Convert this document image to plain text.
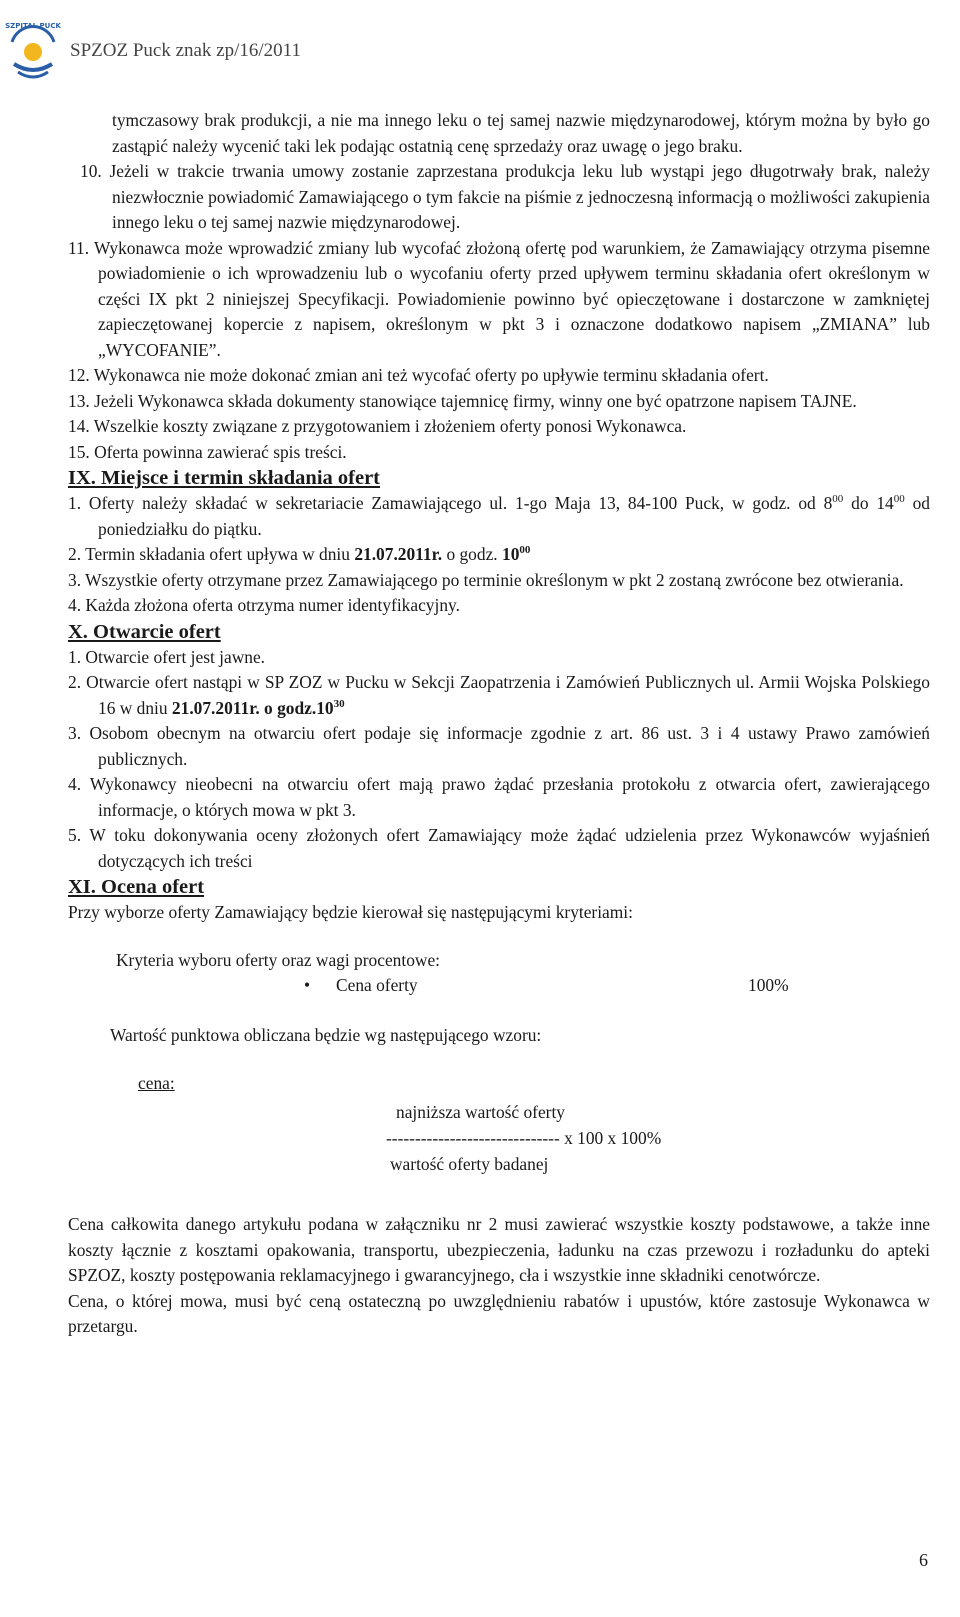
SZPITAL PUCK
SPZOZ Puck znak zp/16/2011

tymczasowy brak produkcji, a nie ma innego leku o tej samej nazwie międzynarodowej, którym można by było go zastąpić należy wycenić taki lek podając ostatnią cenę sprzedaży oraz uwagę o jego braku.

10. Jeżeli w trakcie trwania umowy zostanie zaprzestana produkcja leku lub wystąpi jego długotrwały brak, należy niezwłocznie powiadomić Zamawiającego o tym fakcie na piśmie z jednoczesną informacją o możliwości zakupienia innego leku o tej samej nazwie międzynarodowej.

11. Wykonawca może wprowadzić zmiany lub wycofać złożoną ofertę pod warunkiem, że Zamawiający otrzyma pisemne powiadomienie o ich wprowadzeniu lub o wycofaniu oferty przed upływem terminu składania ofert określonym w części IX pkt 2 niniejszej Specyfikacji. Powiadomienie powinno być opieczętowane i dostarczone w zamkniętej zapieczętowanej kopercie z napisem, określonym w pkt 3 i oznaczone dodatkowo napisem „ZMIANA” lub „WYCOFANIE”.

12. Wykonawca nie może dokonać zmian ani też wycofać oferty po upływie terminu składania ofert.

13. Jeżeli Wykonawca składa dokumenty stanowiące tajemnicę firmy, winny one być opatrzone napisem TAJNE.

14. Wszelkie koszty związane z przygotowaniem i złożeniem oferty ponosi Wykonawca.

15. Oferta powinna zawierać spis treści.

IX. Miejsce i termin składania ofert

1. Oferty należy składać w sekretariacie Zamawiającego ul. 1-go Maja 13, 84-100 Puck, w godz. od $8^{00}$ do $14^{00}$ od poniedziałku do piątku.

2. Termin składania ofert upływa w dniu 21.07.2011r. o godz. $10^{00}$

3. Wszystkie oferty otrzymane przez Zamawiającego po terminie określonym w pkt 2 zostaną zwrócone bez otwierania.

4. Każda złożona oferta otrzyma numer identyfikacyjny.

X. Otwarcie ofert

1. Otwarcie ofert jest jawne.

2. Otwarcie ofert nastąpi w SP ZOZ w Pucku w Sekcji Zaopatrzenia i Zamówień Publicznych ul. Armii Wojska Polskiego 16 w dniu 21.07.2011r. o $godz.10^{30}$

3. Osobom obecnym na otwarciu ofert podaje się informacje zgodnie z art. 86 ust. 3 i 4 ustawy Prawo zamówień publicznych.

4. Wykonawcy nieobecni na otwarciu ofert mają prawo żądać przesłania protokołu z otwarcia ofert, zawierającego informacje, o których mowa w pkt 3.

5. W toku dokonywania oceny złożonych ofert Zamawiający może żądać udzielenia przez Wykonawców wyjaśnień dotyczących ich treści

XI. Ocena ofert

Przy wyborze oferty Zamawiający będzie kierował się następującymi kryteriami:

Kryteria wyboru oferty oraz wagi procentowe:
• Cena oferty	100%
Wartość punktowa obliczana będzie wg następującego wzoru:
cena:
najniższa wartość oferty
------------------------------ x 100 x 100%
wartość oferty badanej

Cena całkowita danego artykułu podana w załączniku nr 2 musi zawierać wszystkie koszty podstawowe, a także inne koszty łącznie z kosztami opakowania, transportu, ubezpieczenia, ładunku na czas przewozu i rozładunku do apteki SPZOZ, koszty postępowania reklamacyjnego i gwarancyjnego, cła i wszystkie inne składniki cenotwórcze.

Cena, o której mowa, musi być ceną ostateczną po uwzględnieniu rabatów i upustów, które zastosuje Wykonawca w przetargu.

6
